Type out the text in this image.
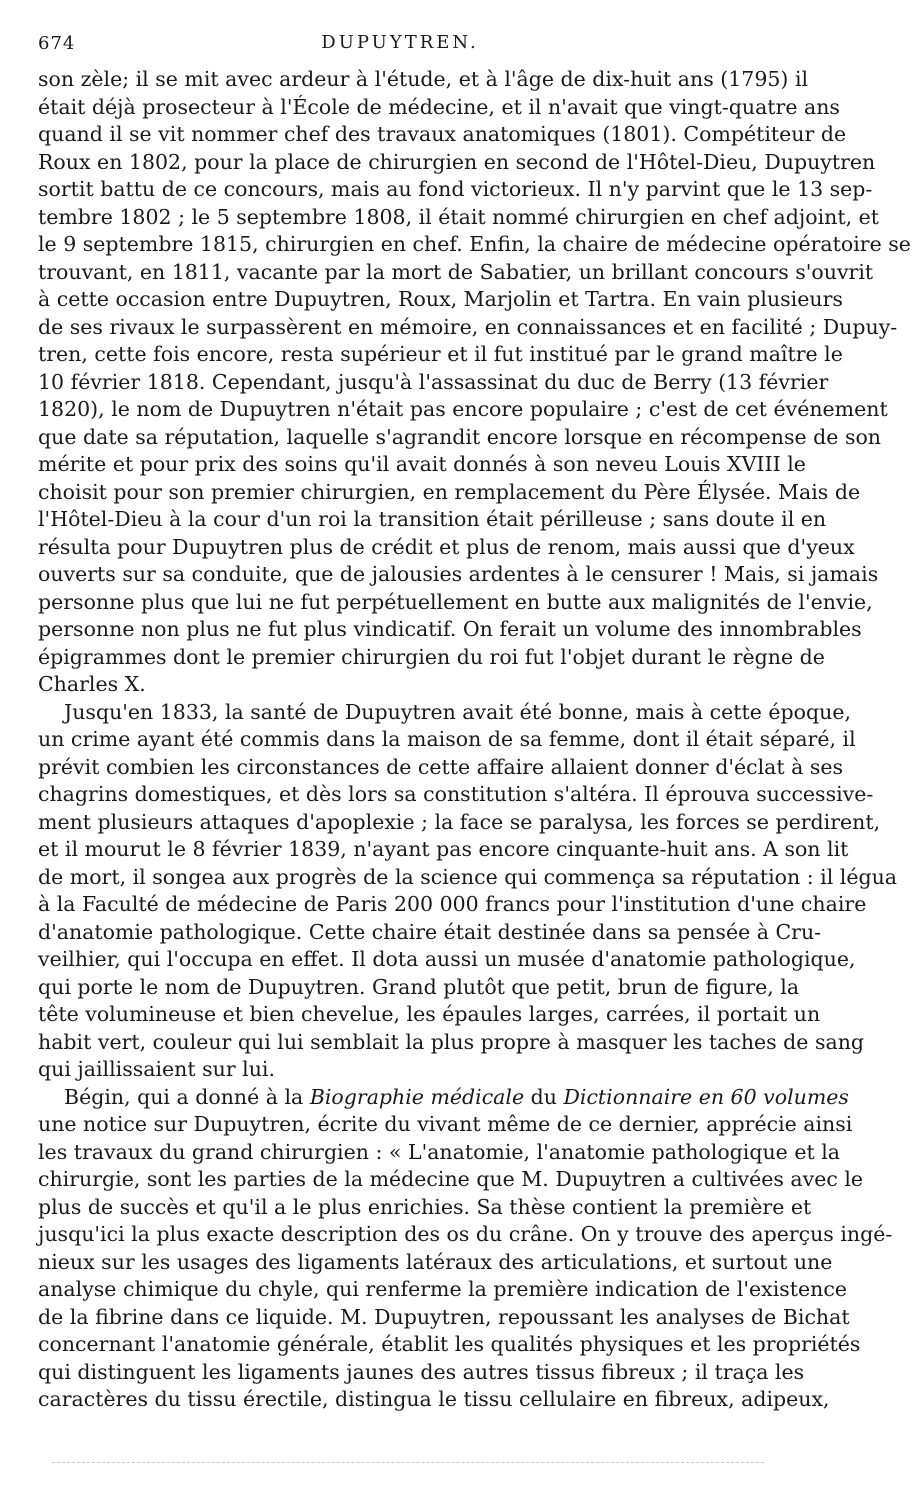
674	DUPUYTREN.
son zèle; il se mit avec ardeur à l'étude, et à l'âge de dix-huit ans (1795) il
était déjà prosecteur à l'École de médecine, et il n'avait que vingt-quatre ans
quand il se vit nommer chef des travaux anatomiques (1801). Compétiteur de
Roux en 1802, pour la place de chirurgien en second de l'Hôtel-Dieu, Dupuytren
sortit battu de ce concours, mais au fond victorieux. Il n'y parvint que le 13 sep-
tembre 1802 ; le 5 septembre 1808, il était nommé chirurgien en chef adjoint, et
le 9 septembre 1815, chirurgien en chef. Enfin, la chaire de médecine opératoire se
trouvant, en 1811, vacante par la mort de Sabatier, un brillant concours s'ouvrit
à cette occasion entre Dupuytren, Roux, Marjolin et Tartra. En vain plusieurs
de ses rivaux le surpassèrent en mémoire, en connaissances et en facilité ; Dupuy-
tren, cette fois encore, resta supérieur et il fut institué par le grand maître le
10 février 1818. Cependant, jusqu'à l'assassinat du duc de Berry (13 février
1820), le nom de Dupuytren n'était pas encore populaire ; c'est de cet événement
que date sa réputation, laquelle s'agrandit encore lorsque en récompense de son
mérite et pour prix des soins qu'il avait donnés à son neveu Louis XVIII le
choisit pour son premier chirurgien, en remplacement du Père Élysée. Mais de
l'Hôtel-Dieu à la cour d'un roi la transition était périlleuse ; sans doute il en
résulta pour Dupuytren plus de crédit et plus de renom, mais aussi que d'yeux
ouverts sur sa conduite, que de jalousies ardentes à le censurer ! Mais, si jamais
personne plus que lui ne fut perpétuellement en butte aux malignités de l'envie,
personne non plus ne fut plus vindicatif. On ferait un volume des innombrables
épigrammes dont le premier chirurgien du roi fut l'objet durant le règne de
Charles X.
Jusqu'en 1833, la santé de Dupuytren avait été bonne, mais à cette époque,
un crime ayant été commis dans la maison de sa femme, dont il était séparé, il
prévit combien les circonstances de cette affaire allaient donner d'éclat à ses
chagrins domestiques, et dès lors sa constitution s'altéra. Il éprouva successive-
ment plusieurs attaques d'apoplexie ; la face se paralysa, les forces se perdirent,
et il mourut le 8 février 1839, n'ayant pas encore cinquante-huit ans. A son lit
de mort, il songea aux progrès de la science qui commença sa réputation : il légua
à la Faculté de médecine de Paris 200 000 francs pour l'institution d'une chaire
d'anatomie pathologique. Cette chaire était destinée dans sa pensée à Cru-
veilhier, qui l'occupa en effet. Il dota aussi un musée d'anatomie pathologique,
qui porte le nom de Dupuytren. Grand plutôt que petit, brun de figure, la
tête volumineuse et bien chevelue, les épaules larges, carrées, il portait un
habit vert, couleur qui lui semblait la plus propre à masquer les taches de sang
qui jaillissaient sur lui.
Bégin, qui a donné à la Biographie médicale du Dictionnaire en 60 volumes
une notice sur Dupuytren, écrite du vivant même de ce dernier, apprécie ainsi
les travaux du grand chirurgien : « L'anatomie, l'anatomie pathologique et la
chirurgie, sont les parties de la médecine que M. Dupuytren a cultivées avec le
plus de succès et qu'il a le plus enrichies. Sa thèse contient la première et
jusqu'ici la plus exacte description des os du crâne. On y trouve des aperçus ingé-
nieux sur les usages des ligaments latéraux des articulations, et surtout une
analyse chimique du chyle, qui renferme la première indication de l'existence
de la fibrine dans ce liquide. M. Dupuytren, repoussant les analyses de Bichat
concernant l'anatomie générale, établit les qualités physiques et les propriétés
qui distinguent les ligaments jaunes des autres tissus fibreux ; il traça les
caractères du tissu érectile, distingua le tissu cellulaire en fibreux, adipeux,
